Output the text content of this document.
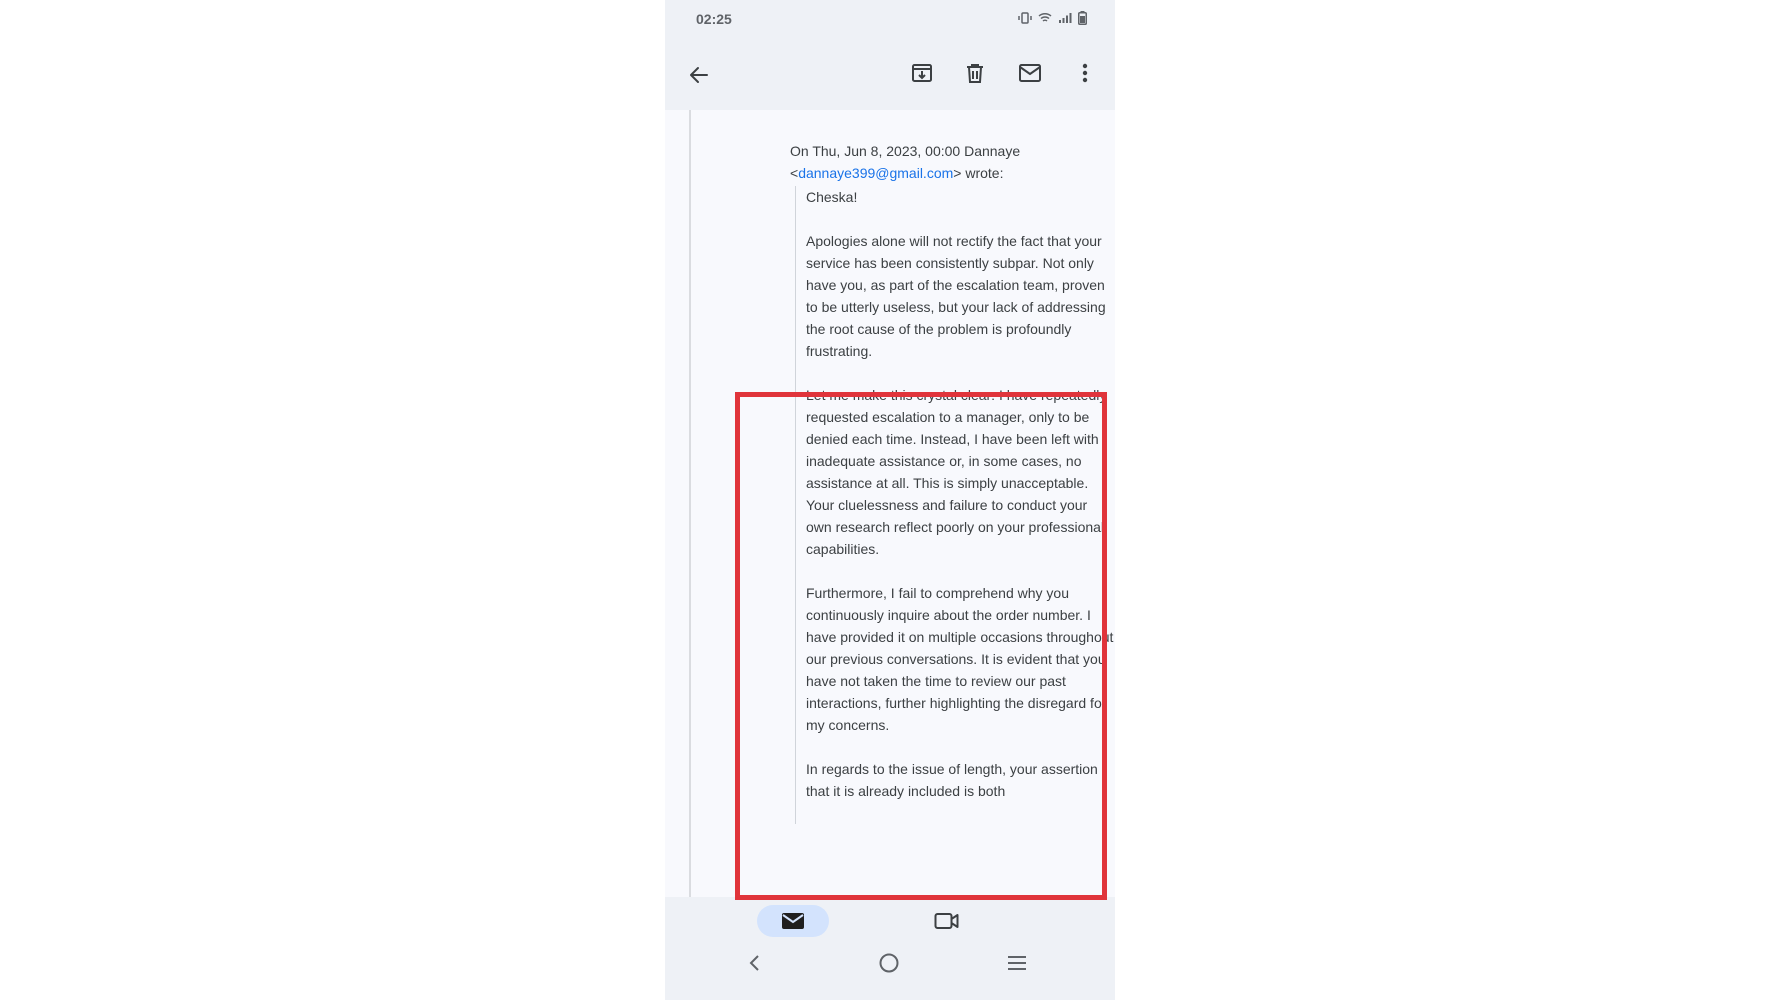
02:25
On Thu, Jun 8, 2023, 00:00 Dannaye <dannaye399@gmail.com> wrote:

Cheska!

Apologies alone will not rectify the fact that your service has been consistently subpar. Not only have you, as part of the escalation team, proven to be utterly useless, but your lack of addressing the root cause of the problem is profoundly frustrating.

Let me make this crystal clear: I have repeatedly requested escalation to a manager, only to be denied each time. Instead, I have been left with inadequate assistance or, in some cases, no assistance at all. This is simply unacceptable. Your cluelessness and failure to conduct your own research reflect poorly on your professional capabilities.

Furthermore, I fail to comprehend why you continuously inquire about the order number. I have provided it on multiple occasions throughout our previous conversations. It is evident that you have not taken the time to review our past interactions, further highlighting the disregard for my concerns.

In regards to the issue of length, your assertion that it is already included is both
